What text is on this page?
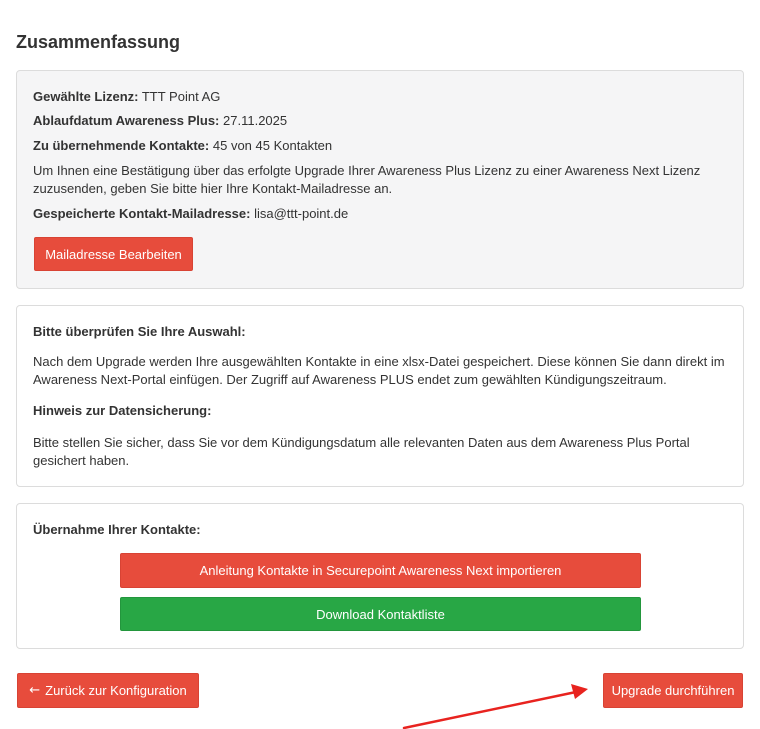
Zusammenfassung

Gewählte Lizenz: TTT Point AG

Ablaufdatum Awareness Plus: 27.11.2025

Zu übernehmende Kontakte: 45 von 45 Kontakten

Um Ihnen eine Bestätigung über das erfolgte Upgrade Ihrer Awareness Plus Lizenz zu einer Awareness Next Lizenz zuzusenden, geben Sie bitte hier Ihre Kontakt-Mailadresse an.

Gespeicherte Kontakt-Mailadresse: lisa@ttt-point.de

Mailadresse Bearbeiten

Bitte überprüfen Sie Ihre Auswahl:

Nach dem Upgrade werden Ihre ausgewählten Kontakte in eine xlsx-Datei gespeichert. Diese können Sie dann direkt im Awareness Next-Portal einfügen. Der Zugriff auf Awareness PLUS endet zum gewählten Kündigungszeitraum.

Hinweis zur Datensicherung:

Bitte stellen Sie sicher, dass Sie vor dem Kündigungsdatum alle relevanten Daten aus dem Awareness Plus Portal gesichert haben.

Übernahme Ihrer Kontakte:

Anleitung Kontakte in Securepoint Awareness Next importieren
Download Kontaktliste
← Zurück zur Konfiguration	Upgrade durchführen
